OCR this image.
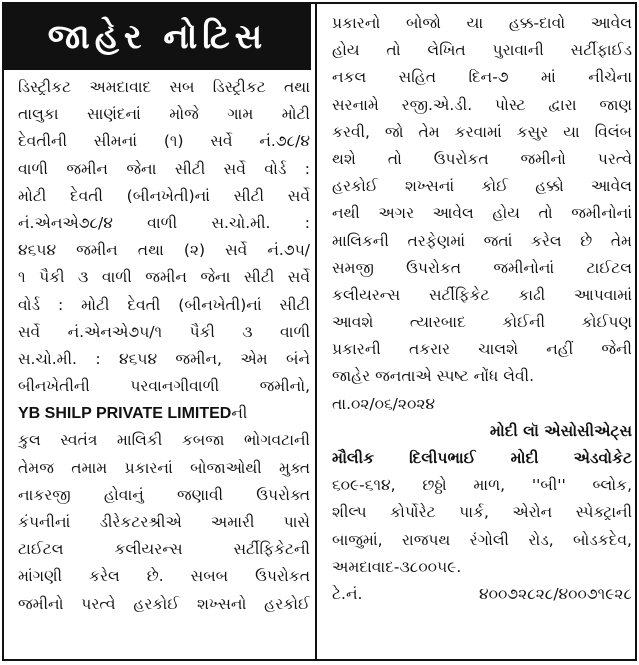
જાહેર નોટિસ
ડિસ્ટ્રીકટ અમદાવાદ સબ ડિસ્ટ્રીકટ તથા
તાલુકા સાણંદનાં મોજે ગામ મોટી
દેવતીની સીમનાં (૧) સર્વે નં.૭૮/૪
વાળી જમીન જેના સીટી સર્વે વોર્ડ :
મોટી દેવતી (બીનખેતી)નાં સીટી સર્વે
નં.એનએ૭૮/૪ વાળી સ.ચો.મી. :
૪૬૫૪ જમીન તથા (૨) સર્વે નં.૭૫/
૧ પૈકી ૩ વાળી જમીન જેના સીટી સર્વે
વોર્ડ : મોટી દેવતી (બીનખેતી)નાં સીટી
સર્વે નં.એનએ૭૫/૧ પૈકી ૩ વાળી
સ.ચો.મી. : ૪૬૫૪ જમીન, એમ બંને
બીનખેતીની પરવાનગીવાળી જમીનો,
YB SHILP PRIVATE LIMITEDની
કુલ સ્વતંત્ર માલિકી કબજા ભોગવટાની
તેમજ તમામ પ્રકારનાં બોજાઓથી મુક્ત
નાકરજી હોવાનું જણાવી ઉપરોક્ત
કંપનીનાં ડીરેકટરશ્રીએ અમારી પાસે
ટાઈટલ કલીયરન્સ સર્ટીફિકેટની
માંગણી કરેલ છે. સબબ ઉપરોકત
જમીનો પરત્વે હરકોઈ શખ્સનો હરકોઈ
પ્રકારનો બોજો યા હક્ક-દાવો આવેલ
હોય તો લેખિત પુરાવાની સર્ટીફાઈડ
નકલ સહિત દિન-૭ માં નીચેના
સરનામે રજી.એ.ડી. પોસ્ટ દ્વારા જાણ
કરવી, જો તેમ કરવામાં કસુર યા વિલંબ
થશે તો ઉપરોકત જમીનો પરત્વે
હરકોઈ શખ્સનાં કોઈ હક્કો આવેલ
નથી અગર આવેલ હોય તો જમીનોનાં
માલિકની તરફેણમાં જતાં કરેલ છે તેમ
સમજી ઉપરોકત જમીનોનાં ટાઈટલ
કલીયરન્સ સર્ટીફિકેટ કાઢી આપવામાં
આવશે ત્યારબાદ કોઈની કોઈપણ
પ્રકારની તકરાર ચાલશે નહીં જેની
જાહેર જનતાએ સ્પષ્ટ નોંધ લેવી.
તા.૦૨/૦૬/૨૦૨૪
મોદી લૉ એસોસીએટ્સ
મૌલીક દિલીપભાઈ મોદી એડવોકેટ
૬૦૯-૬૧૪, છઠ્ઠો માળ, ''બી'' બ્લોક,
શીલ્પ કોર્પોરેટ પાર્ક, એરોન સ્પેક્ટ્રાની
બાજુમાં, રાજપથ રંગોલી રોડ, બોડકદેવ,
અમદાવાદ-૩૮૦૦૫૯.
ટે.નં. ૪૦૦૭૨૮૨૮/૪૦૦૭૧૯૨૮
